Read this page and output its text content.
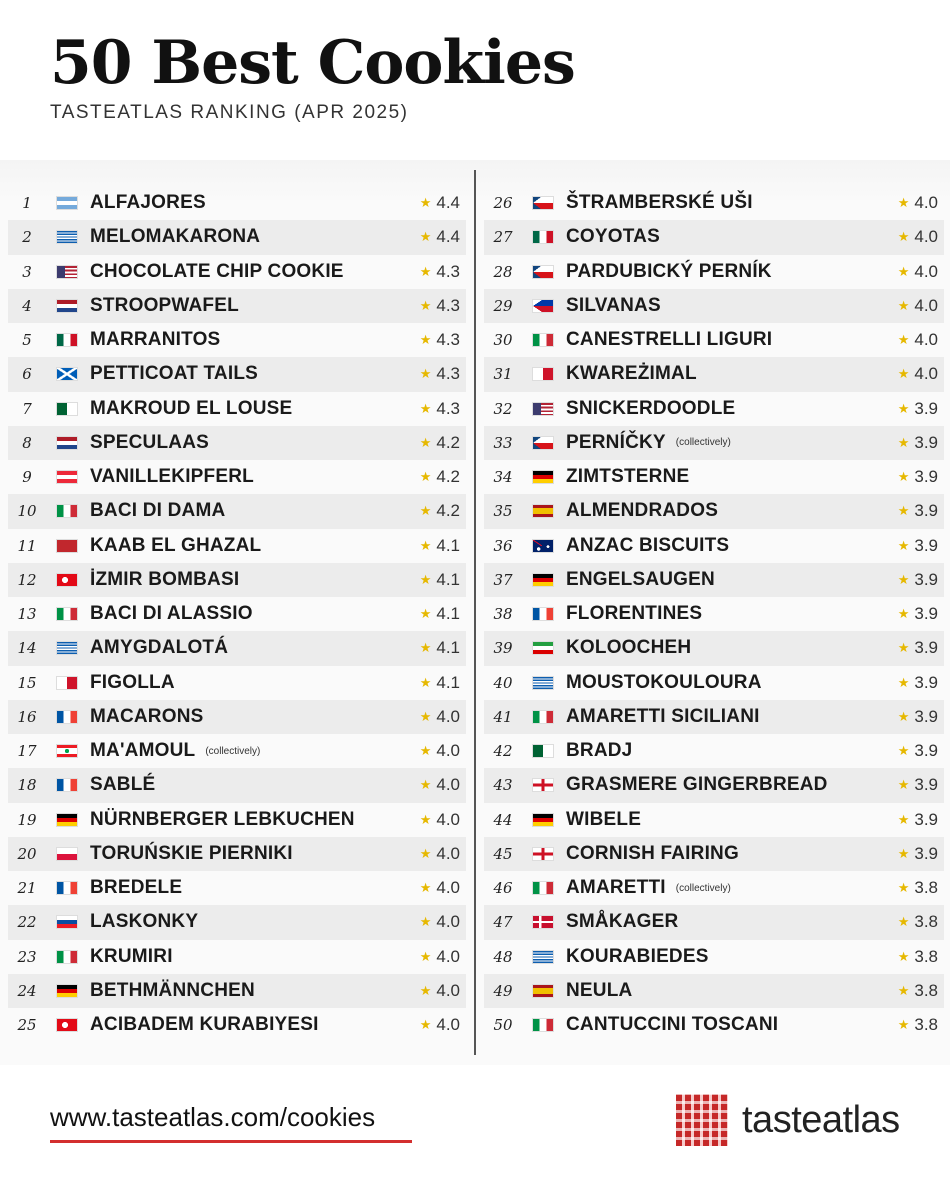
50 Best Cookies
TASTEATLAS RANKING (APR 2025)
1	ALFAJORES	★ 4.4
2	MELOMAKARONA	★ 4.4
3	CHOCOLATE CHIP COOKIE	★ 4.3
4	STROOPWAFEL	★ 4.3
5	MARRANITOS	★ 4.3
6	PETTICOAT TAILS	★ 4.3
7	MAKROUD EL LOUSE	★ 4.3
8	SPECULAAS	★ 4.2
9	VANILLEKIPFERL	★ 4.2
10	BACI DI DAMA	★ 4.2
11	KAAB EL GHAZAL	★ 4.1
12	İZMIR BOMBASI	★ 4.1
13	BACI DI ALASSIO	★ 4.1
14	AMYGDALOTÁ	★ 4.1
15	FIGOLLA	★ 4.1
16	MACARONS	★ 4.0
17	MA'AMOUL (collectively)	★ 4.0
18	SABLÉ	★ 4.0
19	NÜRNBERGER LEBKUCHEN	★ 4.0
20	TORUŃSKIE PIERNIKI	★ 4.0
21	BREDELE	★ 4.0
22	LASKONKY	★ 4.0
23	KRUMIRI	★ 4.0
24	BETHMÄNNCHEN	★ 4.0
25	ACIBADEM KURABIYESI	★ 4.0
26	ŠTRAMBERSKÉ UŠI	★ 4.0
27	COYOTAS	★ 4.0
28	PARDUBICKÝ PERNÍK	★ 4.0
29	SILVANAS	★ 4.0
30	CANESTRELLI LIGURI	★ 4.0
31	KWAREŻIMAL	★ 4.0
32	SNICKERDOODLE	★ 3.9
33	PERNÍČKY (collectively)	★ 3.9
34	ZIMTSTERNE	★ 3.9
35	ALMENDRADOS	★ 3.9
36	ANZAC BISCUITS	★ 3.9
37	ENGELSAUGEN	★ 3.9
38	FLORENTINES	★ 3.9
39	KOLOOCHEH	★ 3.9
40	MOUSTOKOULOURA	★ 3.9
41	AMARETTI SICILIANI	★ 3.9
42	BRADJ	★ 3.9
43	GRASMERE GINGERBREAD	★ 3.9
44	WIBELE	★ 3.9
45	CORNISH FAIRING	★ 3.9
46	AMARETTI (collectively)	★ 3.8
47	SMÅKAGER	★ 3.8
48	KOURABIEDES	★ 3.8
49	NEULA	★ 3.8
50	CANTUCCINI TOSCANI	★ 3.8
www.tasteatlas.com/cookies	tasteatlas
